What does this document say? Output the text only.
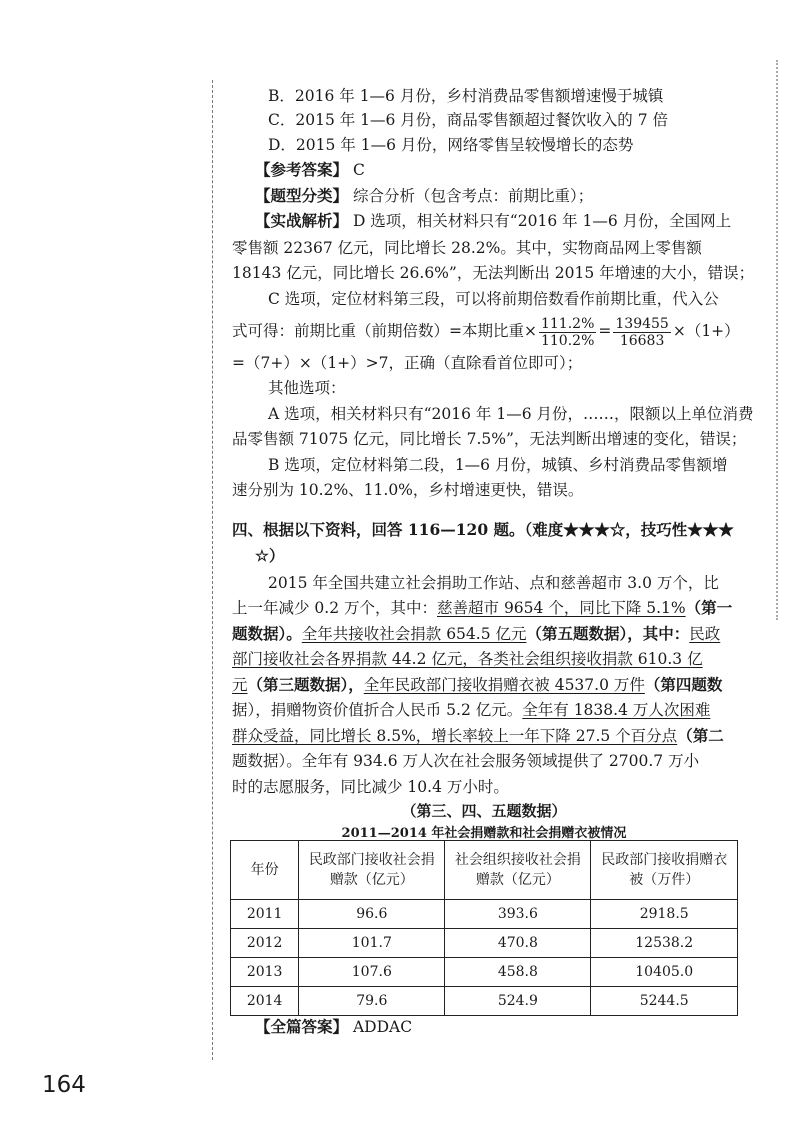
B．2016 年 1—6 月份，乡村消费品零售额增速慢于城镇
C．2015 年 1—6 月份，商品零售额超过餐饮收入的 7 倍
D．2015 年 1—6 月份，网络零售呈较慢增长的态势
【参考答案】 C
【题型分类】 综合分析（包含考点：前期比重）；
【实战解析】 D 选项，相关材料只有“2016 年 1—6 月份，全国网上
零售额 22367 亿元，同比增长 28.2%。其中，实物商品网上零售额
18143 亿元，同比增长 26.6%”，无法判断出 2015 年增速的大小，错误；
C 选项，定位材料第三段，可以将前期倍数看作前期比重，代入公
式可得：前期比重（前期倍数）=本期比重× $\frac{111.2\%}{110.2\%} = \frac{139455}{16683} \times(1+)$
=（7+）×（1+）>7，正确（直除看首位即可）；
其他选项：
A 选项，相关材料只有“2016 年 1—6 月份，……，限额以上单位消费
品零售额 71075 亿元，同比增长 7.5%”，无法判断出增速的变化，错误；
B 选项，定位材料第二段，1—6 月份，城镇、乡村消费品零售额增
速分别为 10.2%、11.0%，乡村增速更快，错误。
四、根据以下资料，回答 116—120 题。（难度★★★☆，技巧性★★★
☆）
2015 年全国共建立社会捐助工作站、点和慈善超市 3.0 万个，比
上一年减少 0.2 万个，其中：慈善超市 9654 个，同比下降 5.1%（第一
题数据）。全年共接收社会捐款 654.5 亿元（第五题数据），其中：民政
部门接收社会各界捐款 44.2 亿元，各类社会组织接收捐款 610.3 亿
元（第三题数据），全年民政部门接收捐赠衣被 4537.0 万件（第四题数
据），捐赠物资价值折合人民币 5.2 亿元。全年有 1838.4 万人次困难
群众受益，同比增长 8.5%，增长率较上一年下降 27.5 个百分点（第二
题数据）。全年有 934.6 万人次在社会服务领域提供了 2700.7 万小
时的志愿服务，同比减少 10.4 万小时。
（第三、四、五题数据）
2011—2014 年社会捐赠款和社会捐赠衣被情况
年份	民政部门接收社会捐赠款（亿元）	社会组织接收社会捐赠款（亿元）	民政部门接收捐赠衣被（万件）
2011	96.6	393.6	2918.5
2012	101.7	470.8	12538.2
2013	107.6	458.8	10405.0
2014	79.6	524.9	5244.5
【全篇答案】 ADDAC
164
